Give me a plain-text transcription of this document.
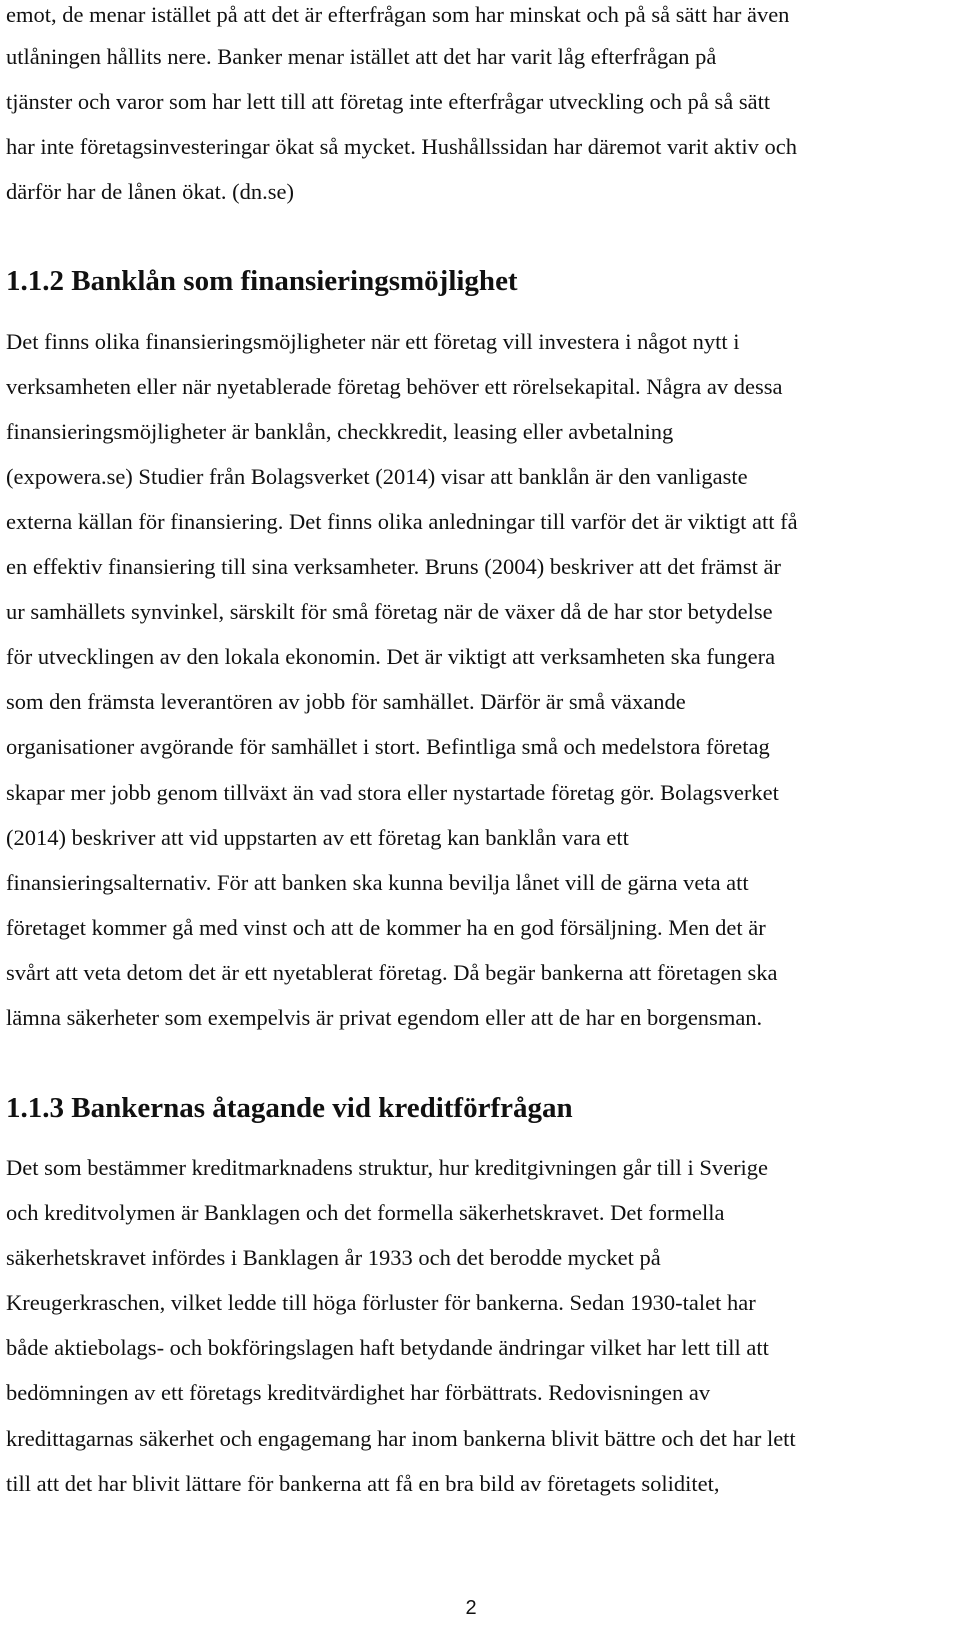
emot, de menar istället på att det är efterfrågan som har minskat och på så sätt har även
utlåningen hållits nere. Banker menar istället att det har varit låg efterfrågan på
tjänster och varor som har lett till att företag inte efterfrågar utveckling och på så sätt
har inte företagsinvesteringar ökat så mycket. Hushållssidan har däremot varit aktiv och
därför har de lånen ökat. (dn.se)
1.1.2 Banklån som finansieringsmöjlighet
Det finns olika finansieringsmöjligheter när ett företag vill investera i något nytt i
verksamheten eller när nyetablerade företag behöver ett rörelsekapital. Några av dessa
finansieringsmöjligheter är banklån, checkkredit, leasing eller avbetalning
(expowera.se) Studier från Bolagsverket (2014) visar att banklån är den vanligaste
externa källan för finansiering. Det finns olika anledningar till varför det är viktigt att få
en effektiv finansiering till sina verksamheter. Bruns (2004) beskriver att det främst är
ur samhällets synvinkel, särskilt för små företag när de växer då de har stor betydelse
för utvecklingen av den lokala ekonomin. Det är viktigt att verksamheten ska fungera
som den främsta leverantören av jobb för samhället. Därför är små växande
organisationer avgörande för samhället i stort. Befintliga små och medelstora företag
skapar mer jobb genom tillväxt än vad stora eller nystartade företag gör. Bolagsverket
(2014) beskriver att vid uppstarten av ett företag kan banklån vara ett
finansieringsalternativ. För att banken ska kunna bevilja lånet vill de gärna veta att
företaget kommer gå med vinst och att de kommer ha en god försäljning. Men det är
svårt att veta detom det är ett nyetablerat företag. Då begär bankerna att företagen ska
lämna säkerheter som exempelvis är privat egendom eller att de har en borgensman.
1.1.3 Bankernas åtagande vid kreditförfrågan
Det som bestämmer kreditmarknadens struktur, hur kreditgivningen går till i Sverige
och kreditvolymen är Banklagen och det formella säkerhetskravet. Det formella
säkerhetskravet infördes i Banklagen år 1933 och det berodde mycket på
Kreugerkraschen, vilket ledde till höga förluster för bankerna. Sedan 1930-talet har
både aktiebolags- och bokföringslagen haft betydande ändringar vilket har lett till att
bedömningen av ett företags kreditvärdighet har förbättrats. Redovisningen av
kredittagarnas säkerhet och engagemang har inom bankerna blivit bättre och det har lett
till att det har blivit lättare för bankerna att få en bra bild av företagets soliditet,
2
